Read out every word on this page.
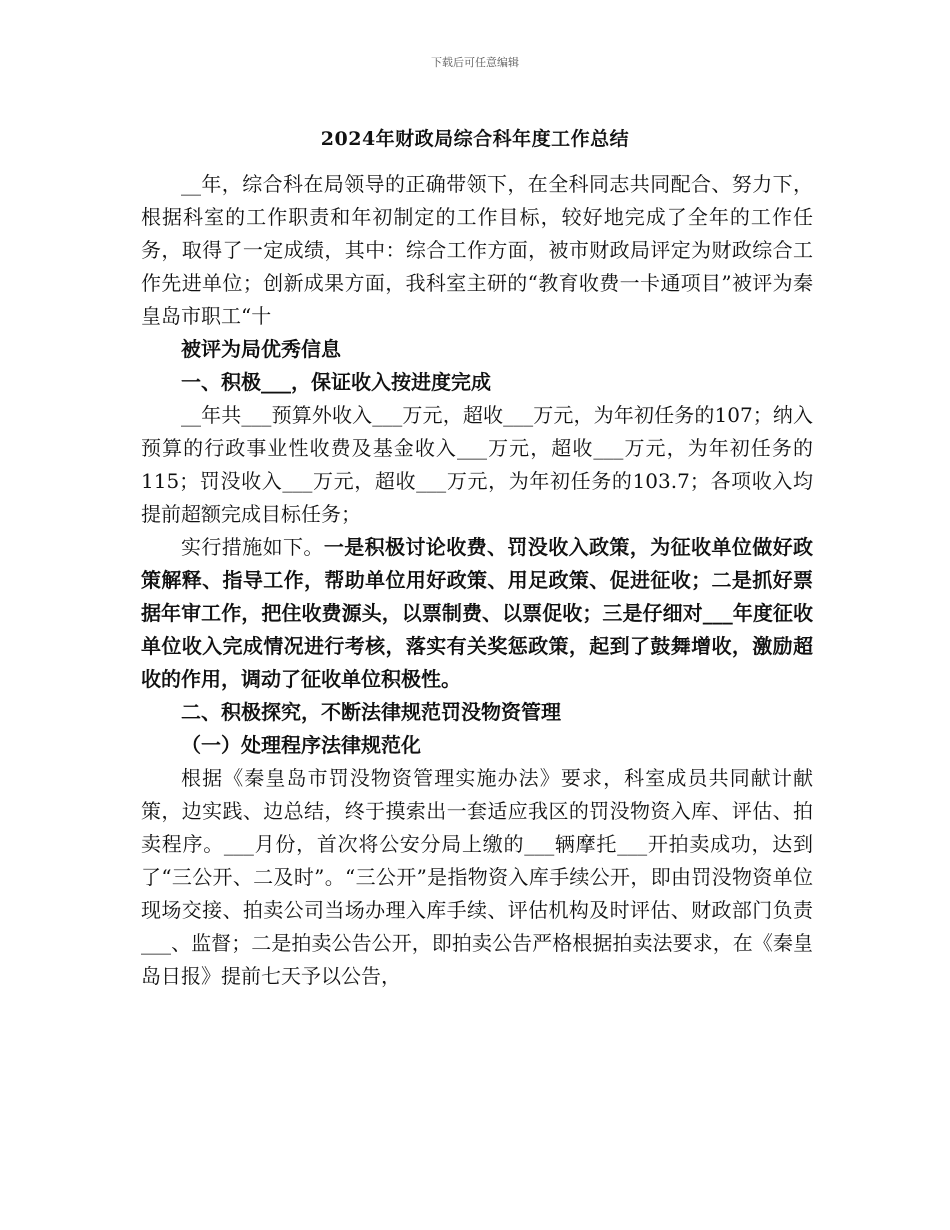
下载后可任意编辑
2024年财政局综合科年度工作总结

__年，综合科在局领导的正确带领下，在全科同志共同配合、努力下，根据科室的工作职责和年初制定的工作目标，较好地完成了全年的工作任务，取得了一定成绩，其中：综合工作方面，被市财政局评定为财政综合工作先进单位；创新成果方面，我科室主研的“教育收费一卡通项目”被评为秦皇岛市职工“十

被评为局优秀信息

一、积极___，保证收入按进度完成

__年共___预算外收入___万元，超收___万元，为年初任务的107；纳入预算的行政事业性收费及基金收入___万元，超收___万元，为年初任务的115；罚没收入___万元，超收___万元，为年初任务的103.7；各项收入均提前超额完成目标任务；

实行措施如下。一是积极讨论收费、罚没收入政策，为征收单位做好政策解释、指导工作，帮助单位用好政策、用足政策、促进征收；二是抓好票据年审工作，把住收费源头，以票制费、以票促收；三是仔细对___年度征收单位收入完成情况进行考核，落实有关奖惩政策，起到了鼓舞增收，激励超收的作用，调动了征收单位积极性。

二、积极探究，不断法律规范罚没物资管理

（一）处理程序法律规范化

根据《秦皇岛市罚没物资管理实施办法》要求，科室成员共同献计献策，边实践、边总结，终于摸索出一套适应我区的罚没物资入库、评估、拍卖程序。___月份，首次将公安分局上缴的___辆摩托___开拍卖成功，达到了“三公开、二及时”。“三公开”是指物资入库手续公开，即由罚没物资单位现场交接、拍卖公司当场办理入库手续、评估机构及时评估、财政部门负责___、监督；二是拍卖公告公开，即拍卖公告严格根据拍卖法要求，在《秦皇岛日报》提前七天予以公告，
